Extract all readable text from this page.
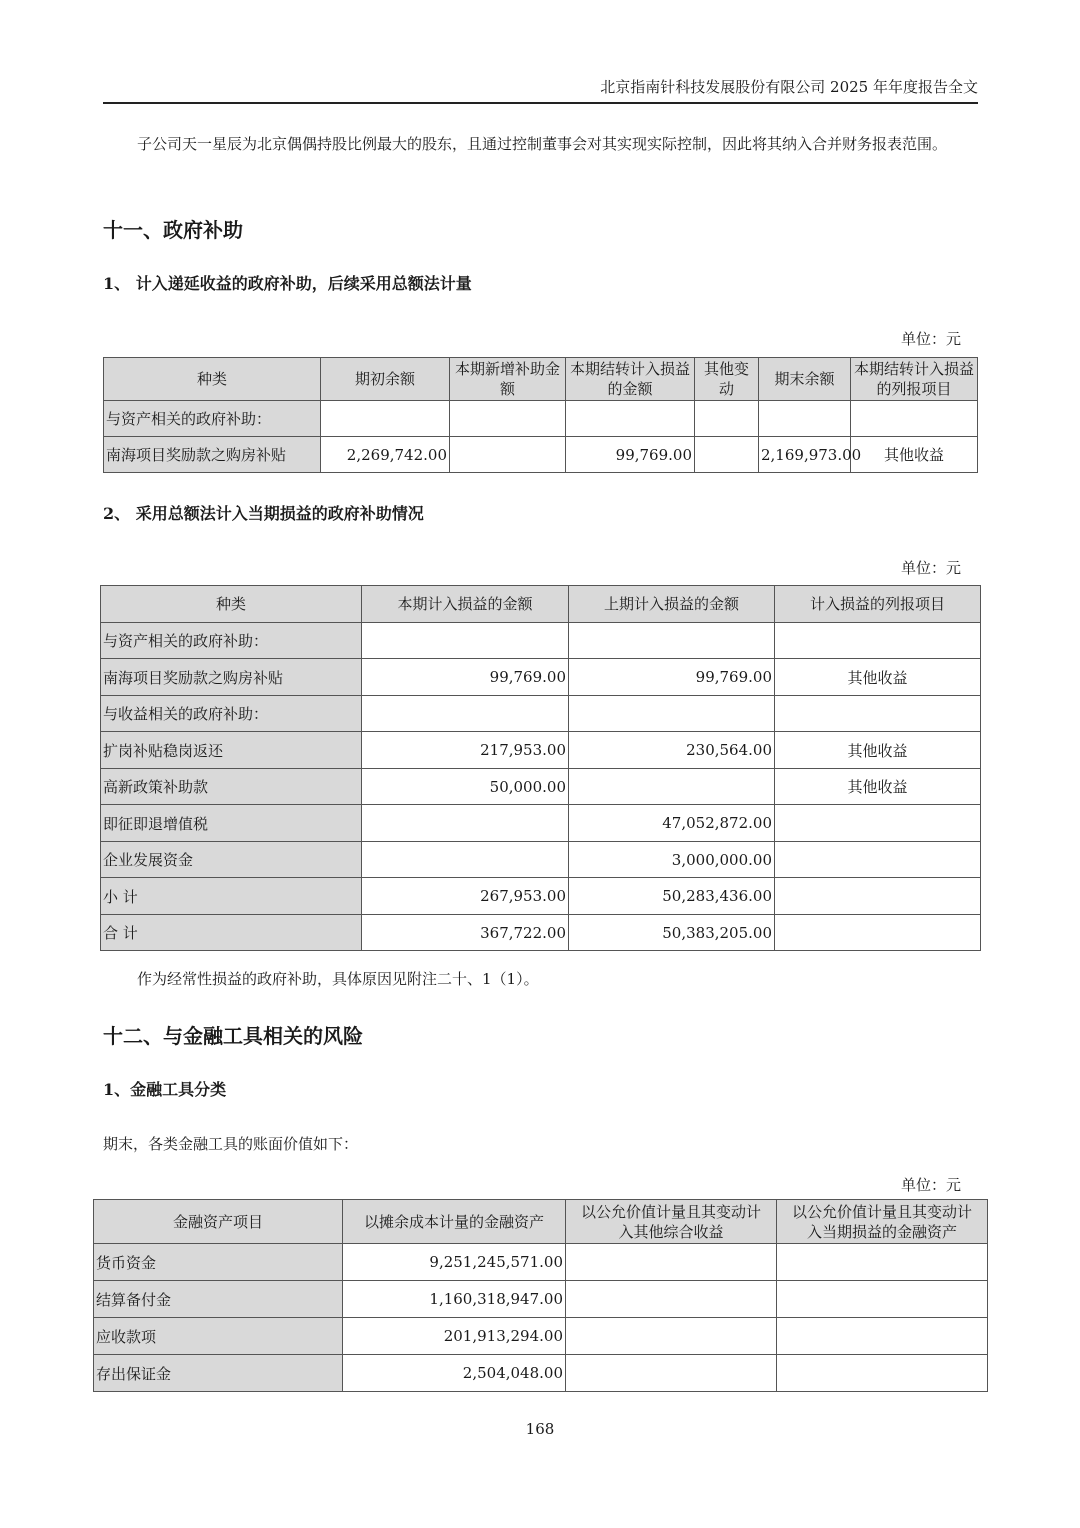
北京指南针科技发展股份有限公司 2025 年年度报告全文

子公司天一星辰为北京偶偶持股比例最大的股东，且通过控制董事会对其实现实际控制，因此将其纳入合并财务报表范围。

十一、政府补助
1、 计入递延收益的政府补助，后续采用总额法计量
单位：元
种类	期初余额	本期新增补助金额	本期结转计入损益的金额	其他变动	期末余额	本期结转计入损益的列报项目
与资产相关的政府补助：						
南海项目奖励款之购房补贴	2,269,742.00		99,769.00		2,169,973.00	其他收益
2、 采用总额法计入当期损益的政府补助情况
单位：元
种类	本期计入损益的金额	上期计入损益的金额	计入损益的列报项目
与资产相关的政府补助：			
南海项目奖励款之购房补贴	99,769.00	99,769.00	其他收益
与收益相关的政府补助：			
扩岗补贴稳岗返还	217,953.00	230,564.00	其他收益
高新政策补助款	50,000.00		其他收益
即征即退增值税		47,052,872.00	
企业发展资金		3,000,000.00	
小 计	267,953.00	50,283,436.00	
合 计	367,722.00	50,383,205.00	

作为经常性损益的政府补助，具体原因见附注二十、1（1）。

十二、与金融工具相关的风险
1、金融工具分类

期末，各类金融工具的账面价值如下：

单位：元
金融资产项目	以摊余成本计量的金融资产	以公允价值计量且其变动计入其他综合收益	以公允价值计量且其变动计入当期损益的金融资产
货币资金	9,251,245,571.00		
结算备付金	1,160,318,947.00		
应收款项	201,913,294.00		
存出保证金	2,504,048.00		
168
